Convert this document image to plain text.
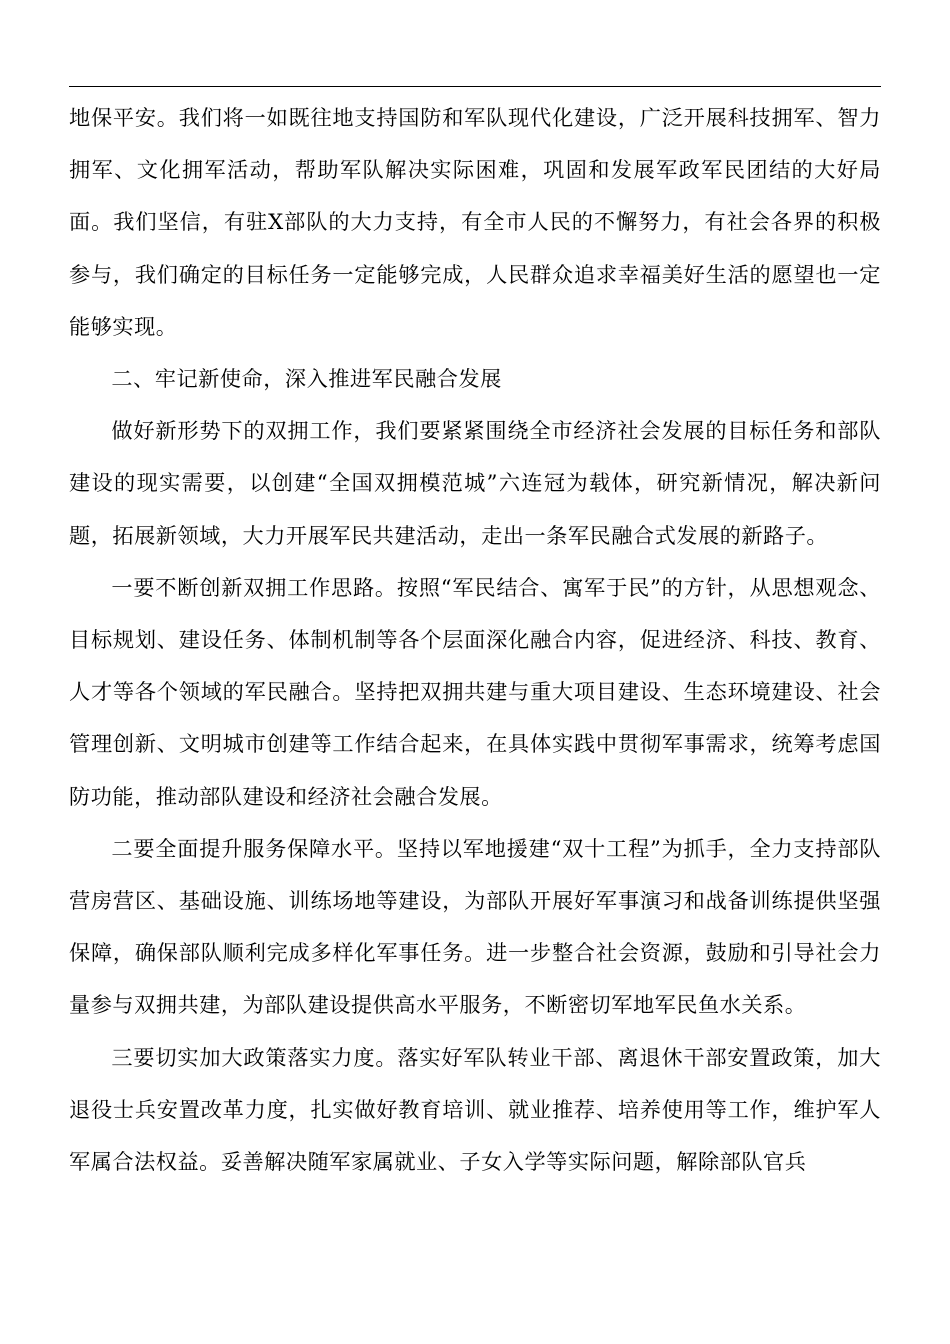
地保平安。我们将一如既往地支持国防和军队现代化建设，广泛开展科技拥军、智力拥军、文化拥军活动，帮助军队解决实际困难，巩固和发展军政军民团结的大好局面。我们坚信，有驻X部队的大力支持，有全市人民的不懈努力，有社会各界的积极参与，我们确定的目标任务一定能够完成，人民群众追求幸福美好生活的愿望也一定能够实现。

二、牢记新使命，深入推进军民融合发展

做好新形势下的双拥工作，我们要紧紧围绕全市经济社会发展的目标任务和部队建设的现实需要，以创建“全国双拥模范城”六连冠为载体，研究新情况，解决新问题，拓展新领域，大力开展军民共建活动，走出一条军民融合式发展的新路子。

一要不断创新双拥工作思路。按照“军民结合、寓军于民”的方针，从思想观念、目标规划、建设任务、体制机制等各个层面深化融合内容，促进经济、科技、教育、人才等各个领域的军民融合。坚持把双拥共建与重大项目建设、生态环境建设、社会管理创新、文明城市创建等工作结合起来，在具体实践中贯彻军事需求，统筹考虑国防功能，推动部队建设和经济社会融合发展。

二要全面提升服务保障水平。坚持以军地援建“双十工程”为抓手，全力支持部队营房营区、基础设施、训练场地等建设，为部队开展好军事演习和战备训练提供坚强保障，确保部队顺利完成多样化军事任务。进一步整合社会资源，鼓励和引导社会力量参与双拥共建，为部队建设提供高水平服务，不断密切军地军民鱼水关系。

三要切实加大政策落实力度。落实好军队转业干部、离退休干部安置政策，加大退役士兵安置改革力度，扎实做好教育培训、就业推荐、培养使用等工作，维护军人军属合法权益。妥善解决随军家属就业、子女入学等实际问题，解除部队官兵
